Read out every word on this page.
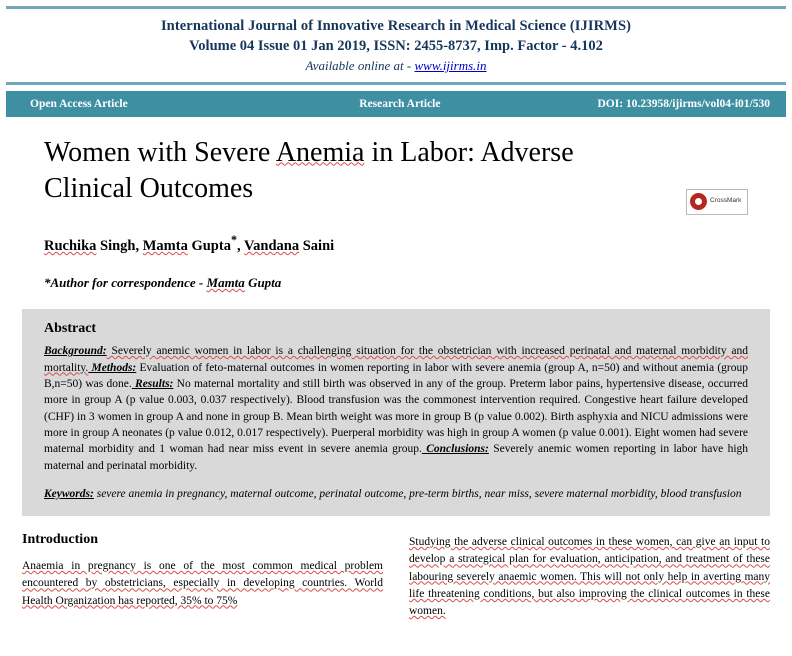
International Journal of Innovative Research in Medical Science (IJIRMS)
Volume 04 Issue 01 Jan 2019, ISSN: 2455-8737, Imp. Factor - 4.102
Available online at - www.ijirms.in
Open Access Article	Research Article	DOI: 10.23958/ijirms/vol04-i01/530
Women with Severe Anemia in Labor: Adverse
Clinical Outcomes
Ruchika Singh, Mamta Gupta*, Vandana Saini
*Author for correspondence - Mamta Gupta
CrossMark
Abstract
Background: Severely anemic women in labor is a challenging situation for the obstetrician with increased perinatal and maternal morbidity and mortality. Methods: Evaluation of feto-maternal outcomes in women reporting in labor with severe anemia (group A, n=50) and without anemia (group B,n=50) was done. Results: No maternal mortality and still birth was observed in any of the group. Preterm labor pains, hypertensive disease, occurred more in group A (p value 0.003, 0.037 respectively). Blood transfusion was the commonest intervention required. Congestive heart failure developed (CHF) in 3 women in group A and none in group B. Mean birth weight was more in group B (p value 0.002). Birth asphyxia and NICU admissions were more in group A neonates (p value 0.012, 0.017 respectively). Puerperal morbidity was high in group A women (p value 0.001). Eight women had severe maternal morbidity and 1 woman had near miss event in severe anemia group. Conclusions: Severely anemic women reporting in labor have high maternal and perinatal morbidity.
Keywords: severe anemia in pregnancy, maternal outcome, perinatal outcome, pre-term births, near miss, severe maternal morbidity, blood transfusion
Introduction

Anaemia in pregnancy is one of the most common medical problem encountered by obstetricians, especially in developing countries. World Health Organization has reported, 35% to 75%

Studying the adverse clinical outcomes in these women, can give an input to develop a strategical plan for evaluation, anticipation, and treatment of these labouring severely anaemic women. This will not only help in averting many life threatening conditions, but also improving the clinical outcomes in these women.
